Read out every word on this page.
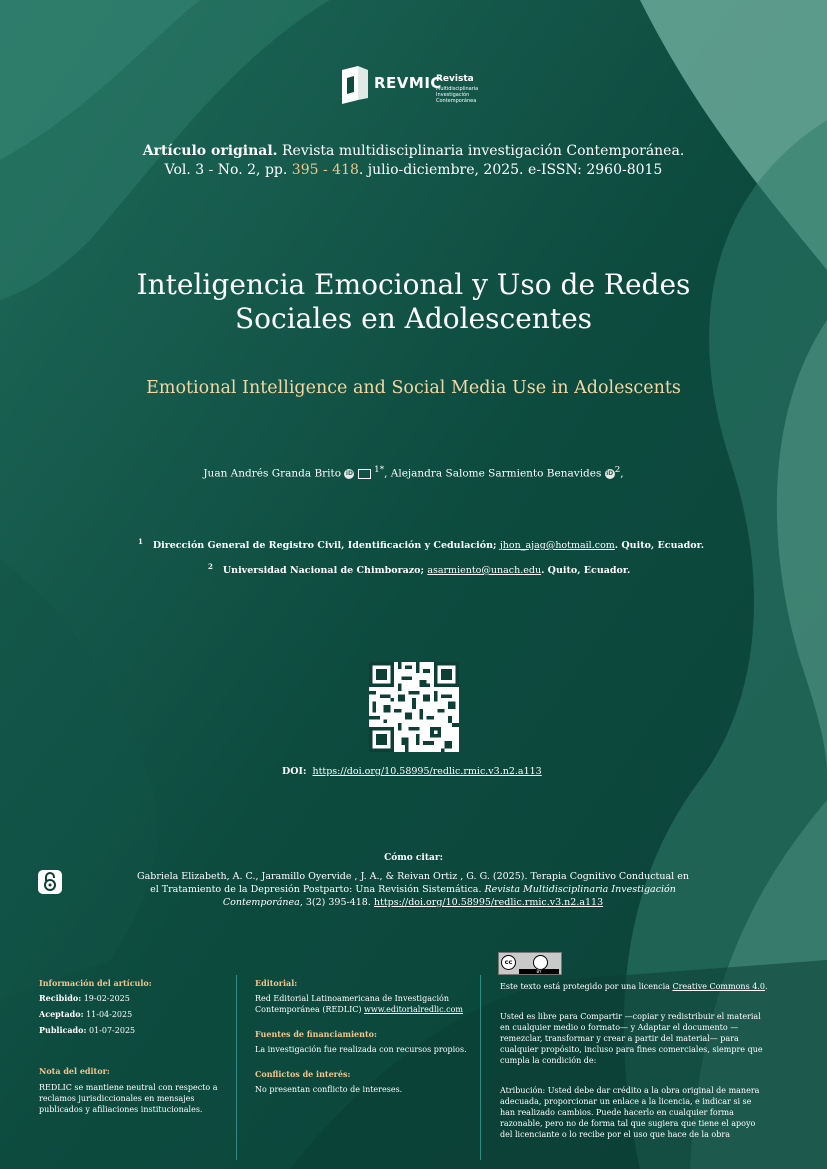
REVMIC
Revista
Multidisciplinaria
Investigación Contemporánea
Artículo original. Revista multidisciplinaria investigación Contemporánea.
Vol. 3 - No. 2, pp. 395 - 418. julio-diciembre, 2025. e-ISSN: 2960-8015
Inteligencia Emocional y Uso de Redes
Sociales en Adolescentes
Emotional Intelligence and Social Media Use in Adolescents
Juan Andrés Granda Brito iD $^{1*}$, Alejandra Salome Sarmiento Benavides $iD^2$,
$^1$ Dirección General de Registro Civil, Identificación y Cedulación; jhon_ajag@hotmail.com. Quito, Ecuador.
$^2$ Universidad Nacional de Chimborazo; asarmiento@unach.edu. Quito, Ecuador.
DOI: https://doi.org/10.58995/redlic.rmic.v3.n2.a113
Cómo citar:
Gabriela Elizabeth, A. C., Jaramillo Oyervide , J. A., & Reivan Ortiz , G. G. (2025). Terapia Cognitivo Conductual en el Tratamiento de la Depresión Postparto: Una Revisión Sistemática. Revista Multidisciplinaria Investigación Contemporánea, 3(2) 395-418. https://doi.org/10.58995/redlic.rmic.v3.n2.a113
Información del artículo:
Recibido: 19-02-2025
Aceptado: 11-04-2025
Publicado: 01-07-2025
Nota del editor:
REDLIC se mantiene neutral con respecto a reclamos jurisdiccionales en mensajes publicados y afiliaciones institucionales.
Editorial:
Red Editorial Latinoamericana de Investigación Contemporánea (REDLIC) www.editorialredlic.com
Fuentes de financiamiento:
La investigación fue realizada con recursos propios.
Conflictos de interés:
No presentan conflicto de intereses.
cc
BY
Este texto está protegido por una licencia Creative Commons 4.0.
Usted es libre para Compartir —copiar y redistribuir el material en cualquier medio o formato— y Adaptar el documento —remezclar, transformar y crear a partir del material— para cualquier propósito, incluso para fines comerciales, siempre que cumpla la condición de:
Atribución: Usted debe dar crédito a la obra original de manera adecuada, proporcionar un enlace a la licencia, e indicar si se han realizado cambios. Puede hacerlo en cualquier forma razonable, pero no de forma tal que sugiera que tiene el apoyo del licenciante o lo recibe por el uso que hace de la obra
